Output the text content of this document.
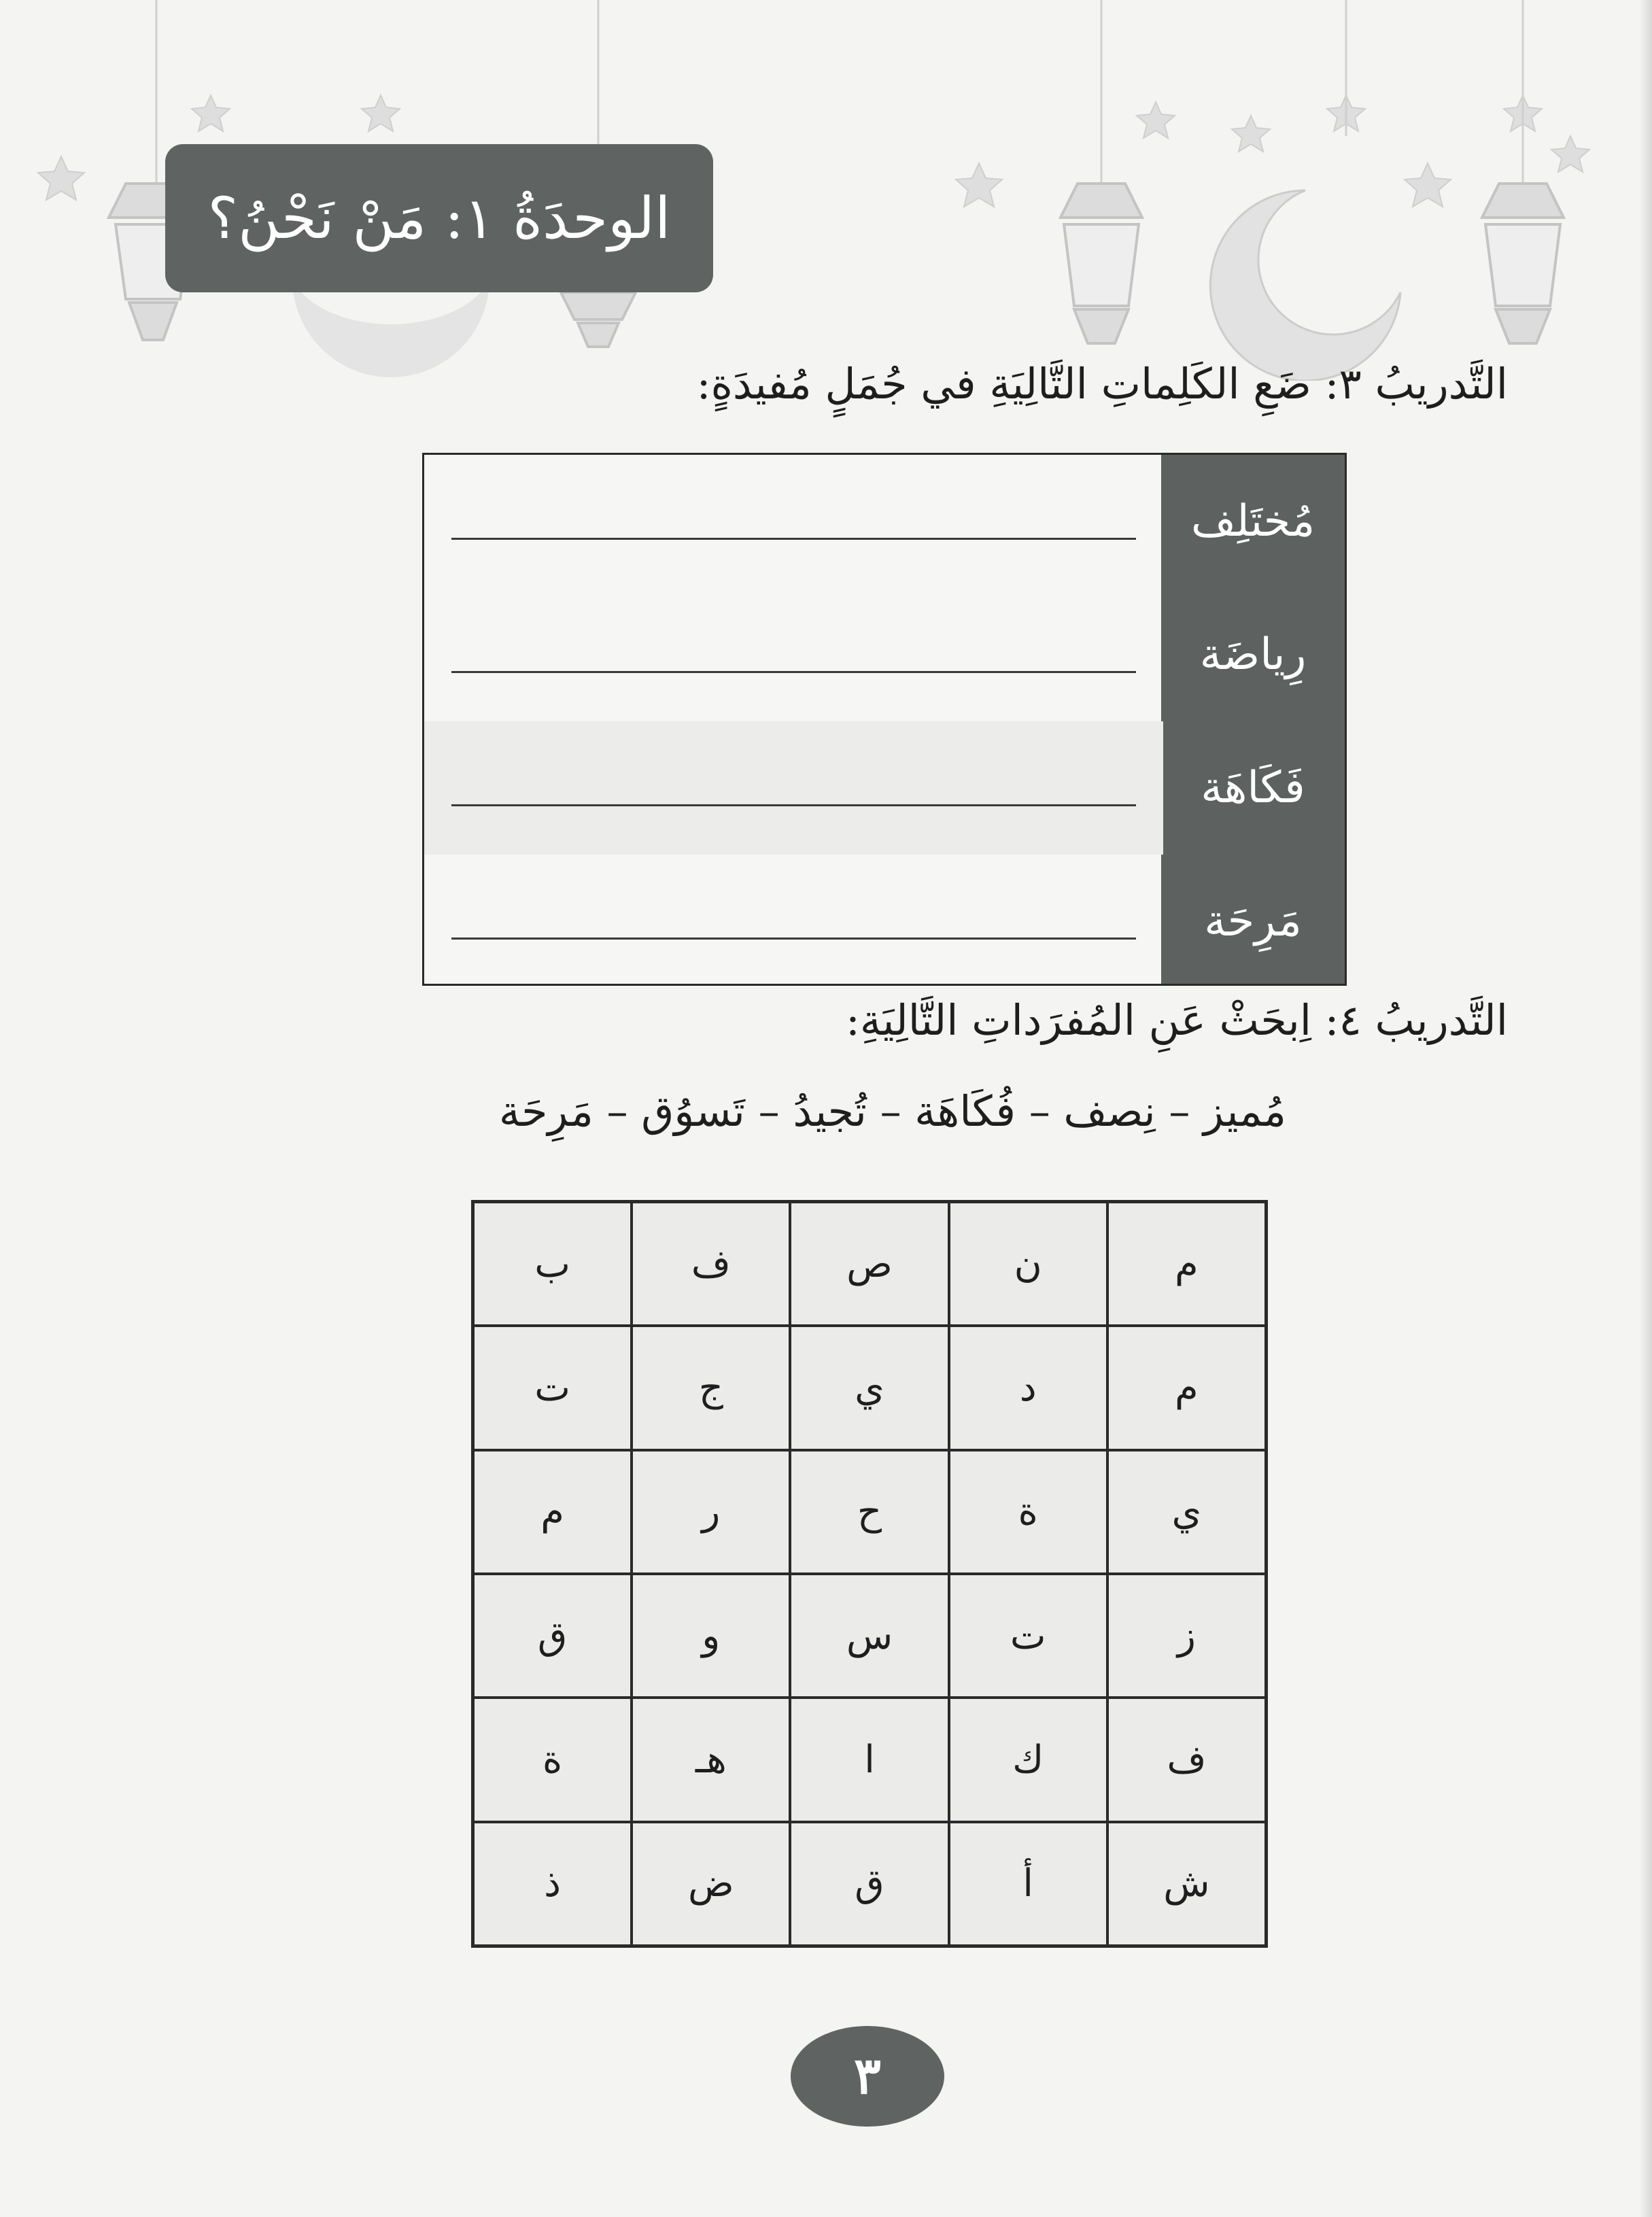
الوحدَةُ ١: مَنْ نَحْنُ؟
التَّدريبُ ٣: ضَعِ الكَلِماتِ التَّالِيَةِ في جُمَلٍ مُفيدَةٍ:
مُختَلِف
رِياضَة
فَكَاهَة
مَرِحَة
التَّدريبُ ٤: اِبحَثْ عَنِ المُفرَداتِ التَّالِيَةِ:
مُميز – نِصف – فُكَاهَة – تُجيدُ – تَسوُق – مَرِحَة
ب	ف	ص	ن	م
ت	ج	ي	د	م
م	ر	ح	ة	ي
ق	و	س	ت	ز
ة	هـ	ا	ك	ف
ذ	ض	ق	أ	ش
٣
